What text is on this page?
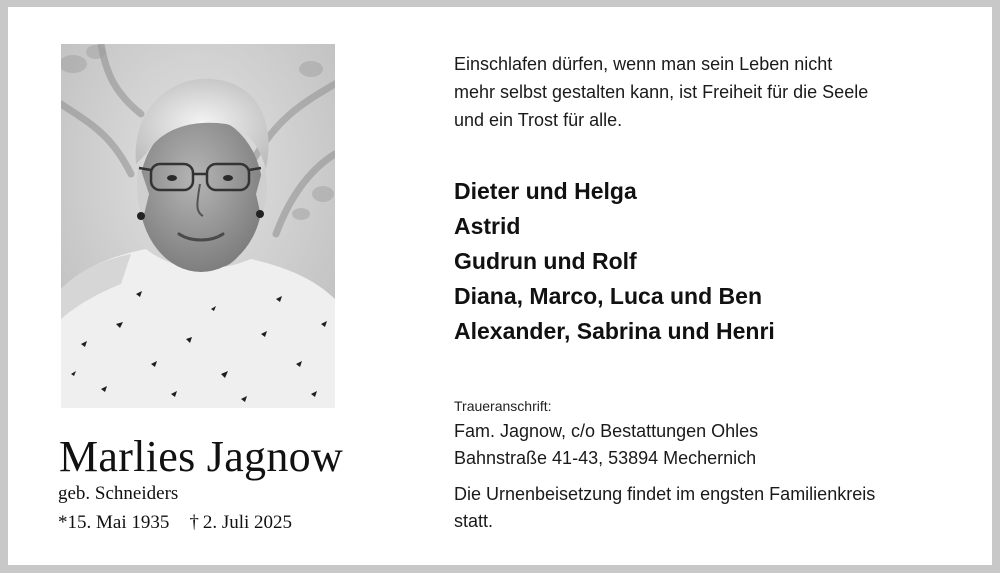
Marlies Jagnow
geb. Schneiders
*15. Mai 1935 † 2. Juli 2025
Einschlafen dürfen, wenn man sein Leben nicht
mehr selbst gestalten kann, ist Freiheit für die Seele
und ein Trost für alle.
Dieter und Helga
Astrid
Gudrun und Rolf
Diana, Marco, Luca und Ben
Alexander, Sabrina und Henri
Traueranschrift:
Fam. Jagnow, c/o Bestattungen Ohles
Bahnstraße 41-43, 53894 Mechernich
Die Urnenbeisetzung findet im engsten Familienkreis
statt.
